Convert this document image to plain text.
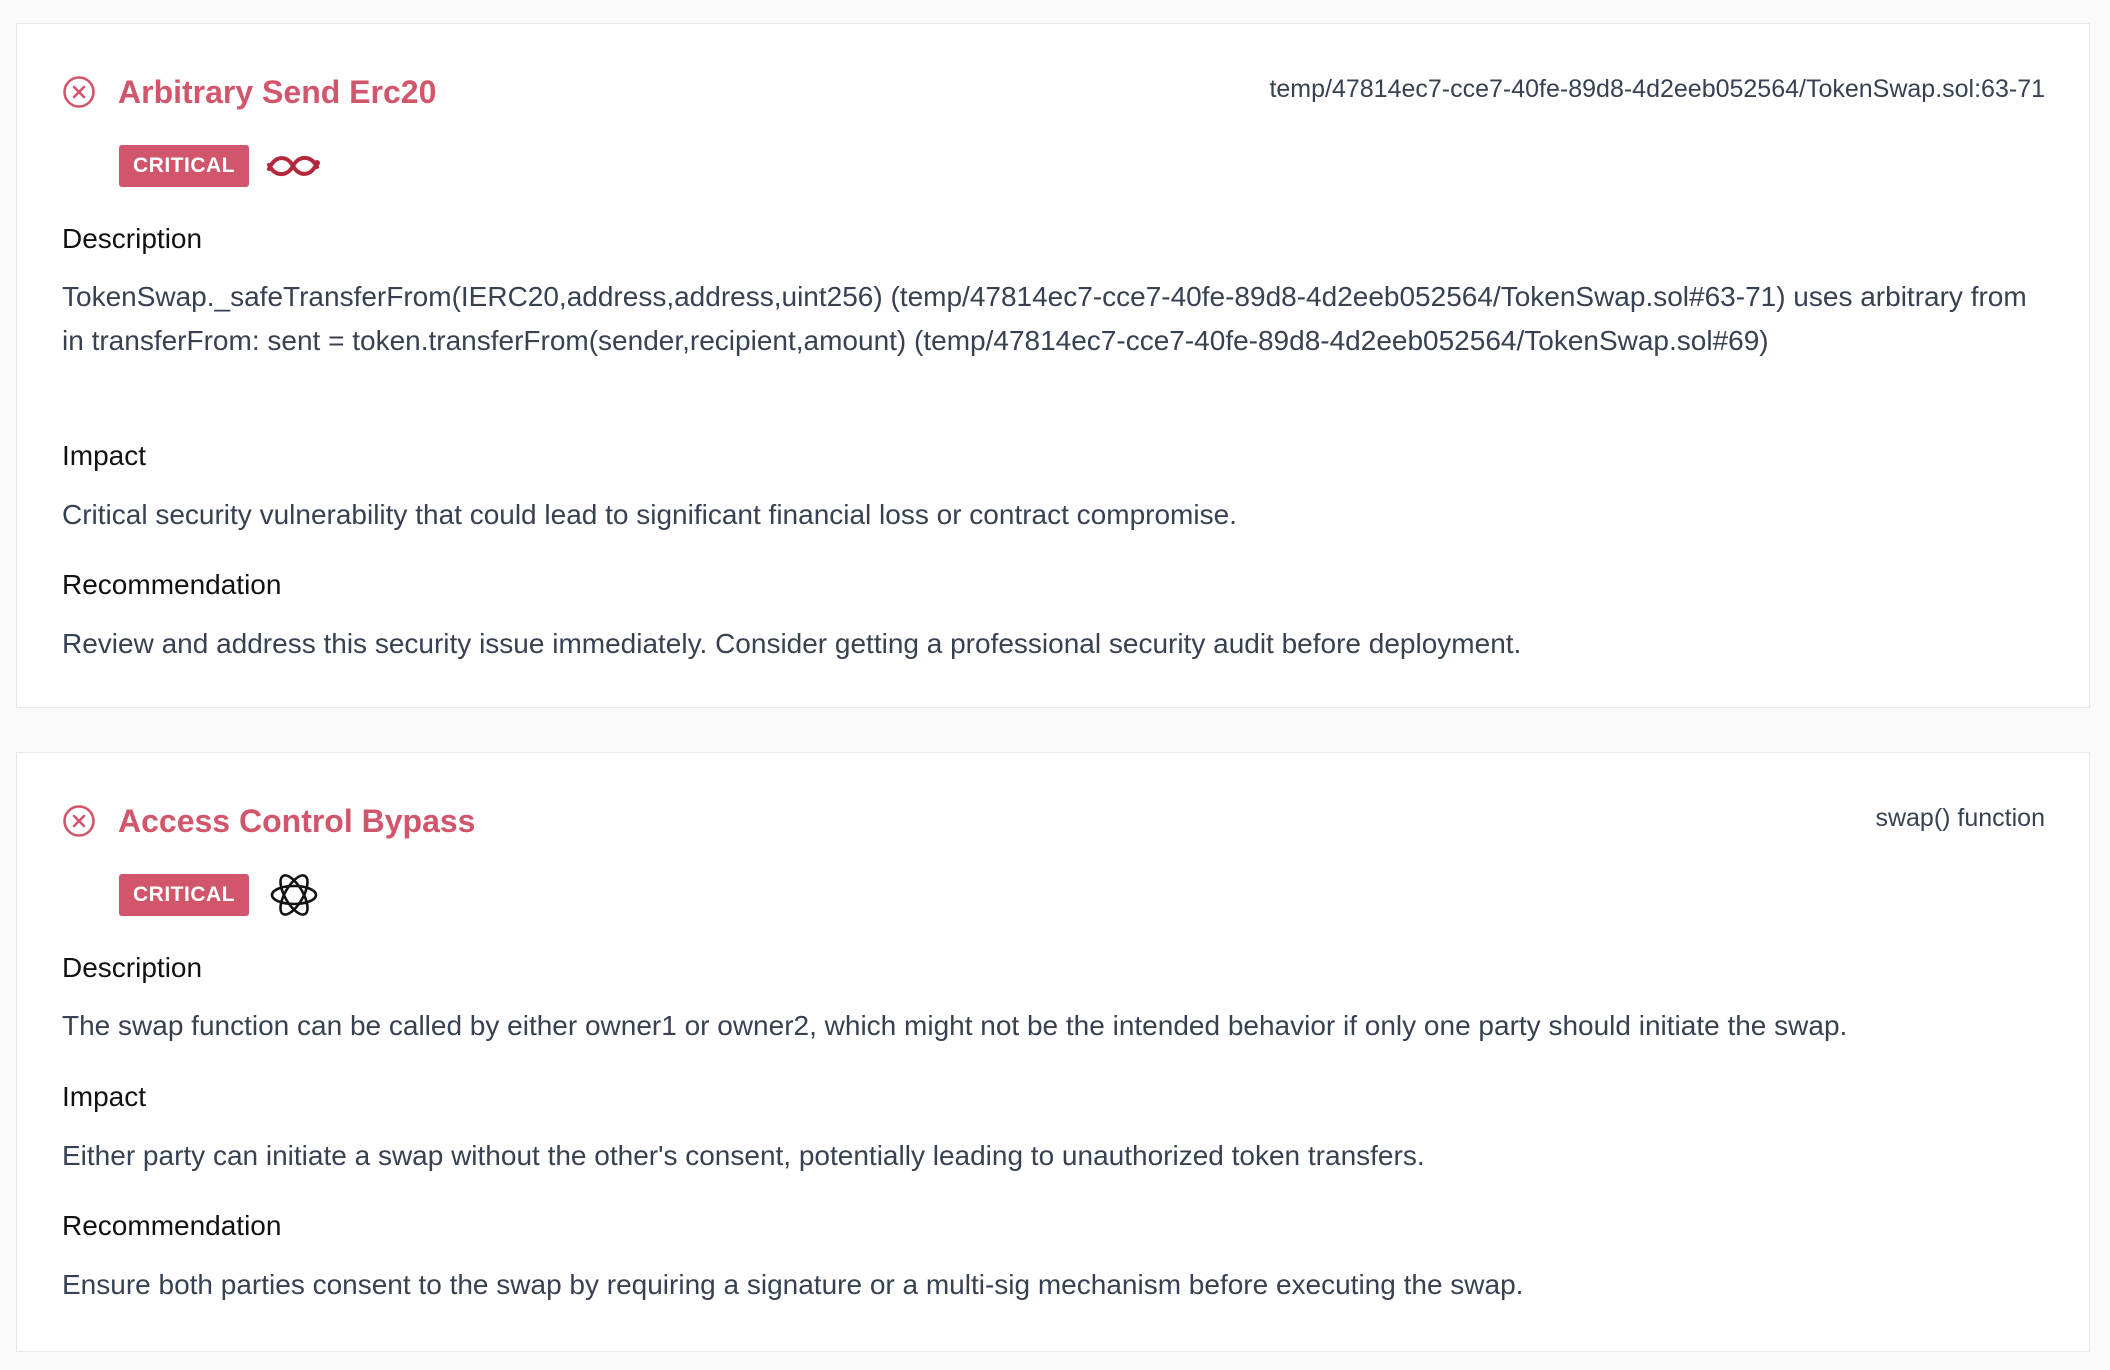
Arbitrary Send Erc20	temp/47814ec7-cce7-40fe-89d8-4d2eeb052564/TokenSwap.sol:63-71
CRITICAL
Description
TokenSwap._safeTransferFrom(IERC20,address,address,uint256) (temp/47814ec7-cce7-40fe-89d8-4d2eeb052564/TokenSwap.sol#63-71) uses arbitrary from in transferFrom: sent = token.transferFrom(sender,recipient,amount) (temp/47814ec7-cce7-40fe-89d8-4d2eeb052564/TokenSwap.sol#69)
Impact
Critical security vulnerability that could lead to significant financial loss or contract compromise.
Recommendation
Review and address this security issue immediately. Consider getting a professional security audit before deployment.
Access Control Bypass	swap() function
CRITICAL
Description
The swap function can be called by either owner1 or owner2, which might not be the intended behavior if only one party should initiate the swap.
Impact
Either party can initiate a swap without the other's consent, potentially leading to unauthorized token transfers.
Recommendation
Ensure both parties consent to the swap by requiring a signature or a multi-sig mechanism before executing the swap.
